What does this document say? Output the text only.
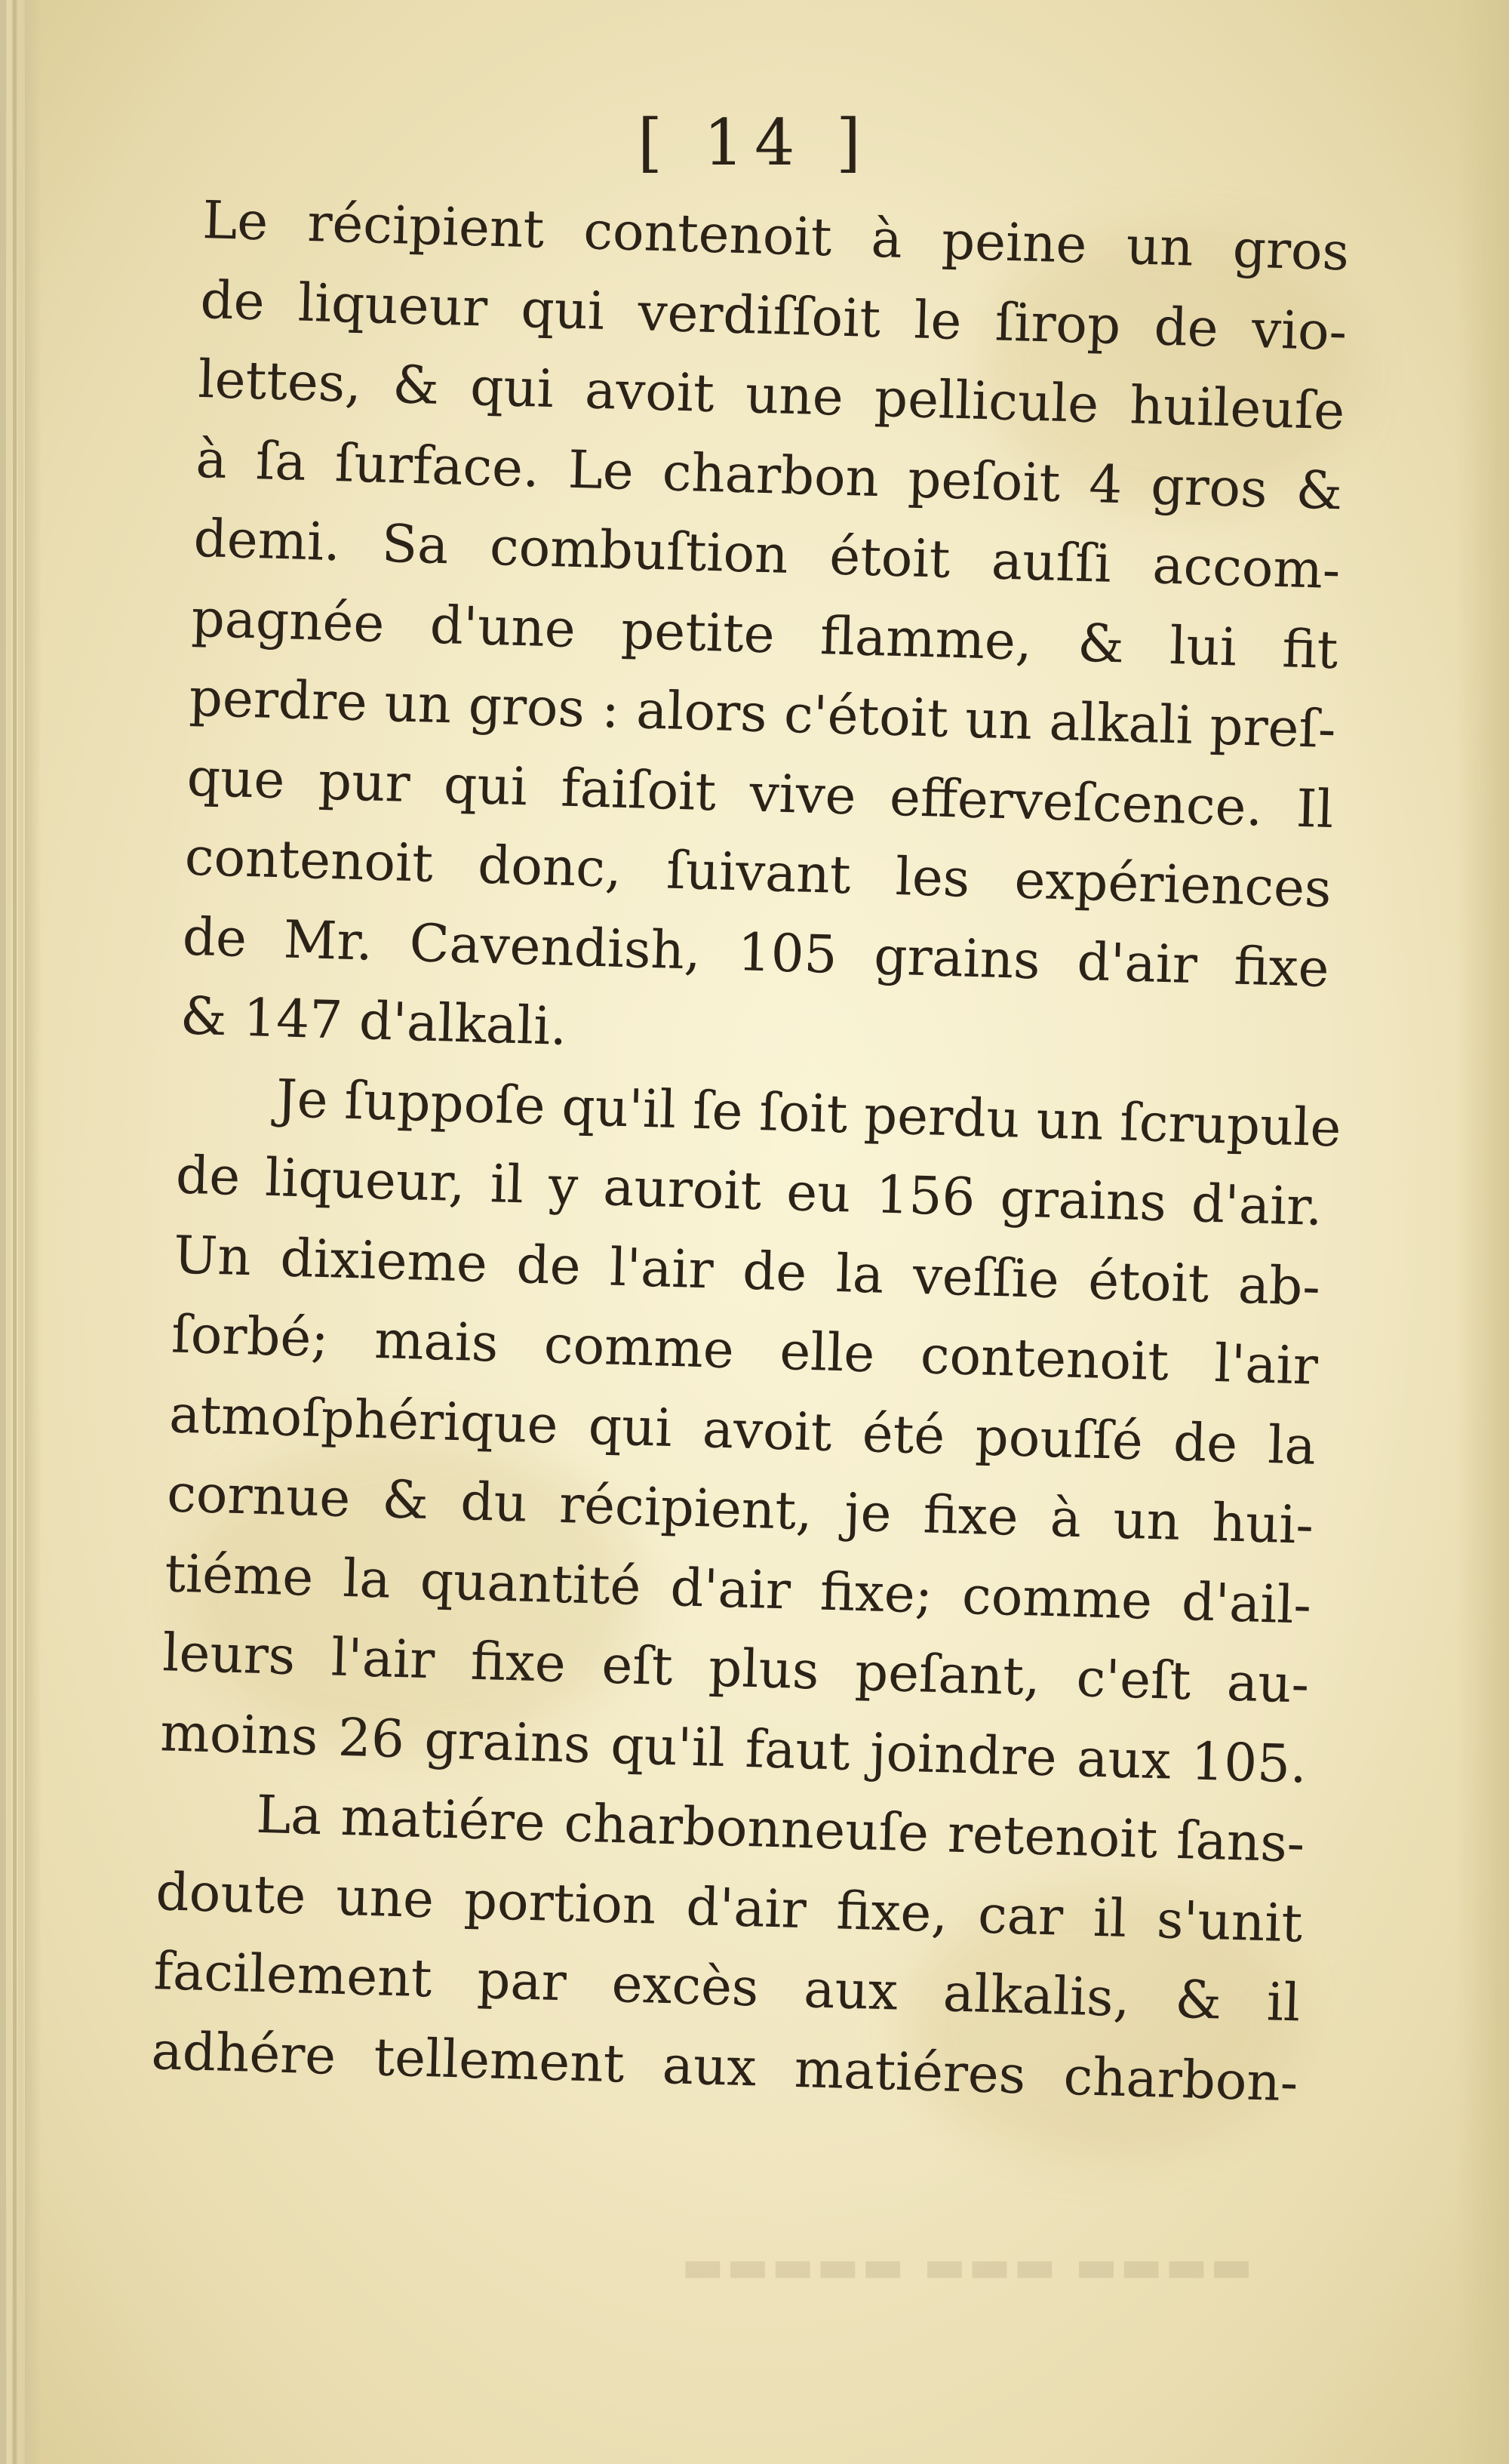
[ 14 ]
Le récipient contenoit à peine un gros
de liqueur qui verdiſſoit le ſirop de vio-
lettes, & qui avoit une pellicule huileuſe
à ſa ſurface. Le charbon peſoit 4 gros &
demi. Sa combuſtion étoit auſſi accom-
pagnée d'une petite flamme, & lui fit
perdre un gros : alors c'étoit un alkali preſ-
que pur qui faiſoit vive efferveſcence. Il
contenoit donc, ſuivant les expériences
de Mr. Cavendish, 105 grains d'air fixe
& 147 d'alkali.
Je ſuppoſe qu'il ſe ſoit perdu un ſcrupule
de liqueur, il y auroit eu 156 grains d'air.
Un dixieme de l'air de la veſſie étoit ab-
ſorbé; mais comme elle contenoit l'air
atmoſphérique qui avoit été pouſſé de la
cornue & du récipient, je fixe à un hui-
tiéme la quantité d'air fixe; comme d'ail-
leurs l'air fixe eſt plus peſant, c'eſt au-
moins 26 grains qu'il faut joindre aux 105.
La matiére charbonneuſe retenoit ſans-
doute une portion d'air fixe, car il s'unit
facilement par excès aux alkalis, & il
adhére tellement aux matiéres charbon-
▬▬▬▬ ▬▬▬ ▬▬▬▬▬
